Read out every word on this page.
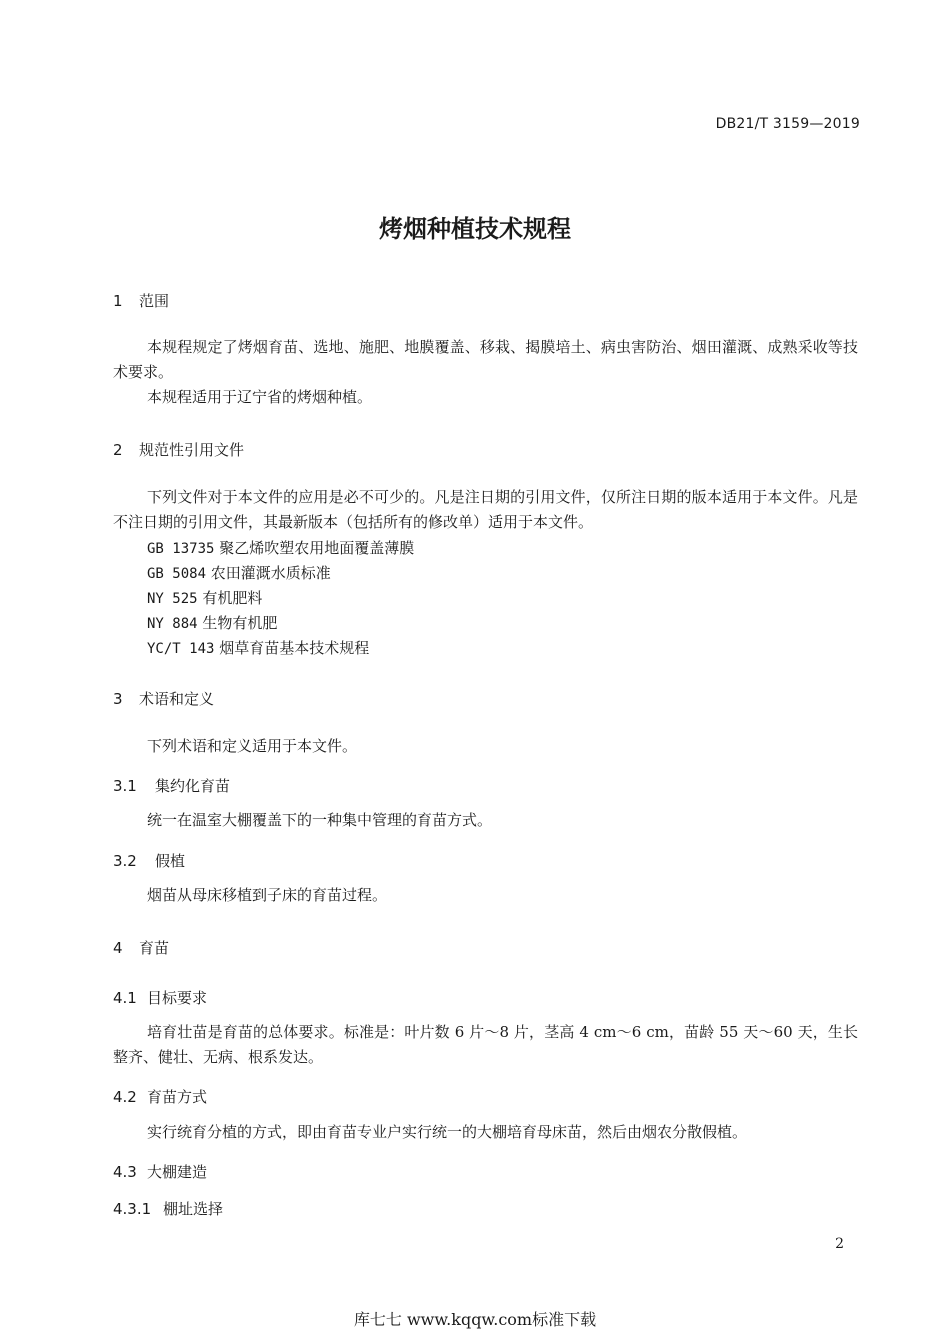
DB21/T 3159—2019
烤烟种植技术规程
1 范围
本规程规定了烤烟育苗、选地、施肥、地膜覆盖、移栽、揭膜培土、病虫害防治、烟田灌溉、成熟采收等技术要求。
本规程适用于辽宁省的烤烟种植。
2 规范性引用文件
下列文件对于本文件的应用是必不可少的。凡是注日期的引用文件，仅所注日期的版本适用于本文件。凡是不注日期的引用文件，其最新版本（包括所有的修改单）适用于本文件。
GB 13735 聚乙烯吹塑农用地面覆盖薄膜
GB 5084 农田灌溉水质标准
NY 525 有机肥料
NY 884 生物有机肥
YC/T 143 烟草育苗基本技术规程
3 术语和定义
下列术语和定义适用于本文件。
3.1 集约化育苗
统一在温室大棚覆盖下的一种集中管理的育苗方式。
3.2 假植
烟苗从母床移植到子床的育苗过程。
4 育苗
4.1 目标要求
培育壮苗是育苗的总体要求。标准是：叶片数 6 片～8 片，茎高 4 cm～6 cm，苗龄 55 天～60 天，生长整齐、健壮、无病、根系发达。
4.2 育苗方式
实行统育分植的方式，即由育苗专业户实行统一的大棚培育母床苗，然后由烟农分散假植。
4.3 大棚建造
4.3.1 棚址选择
2
库七七 www.kqqw.com标准下载
